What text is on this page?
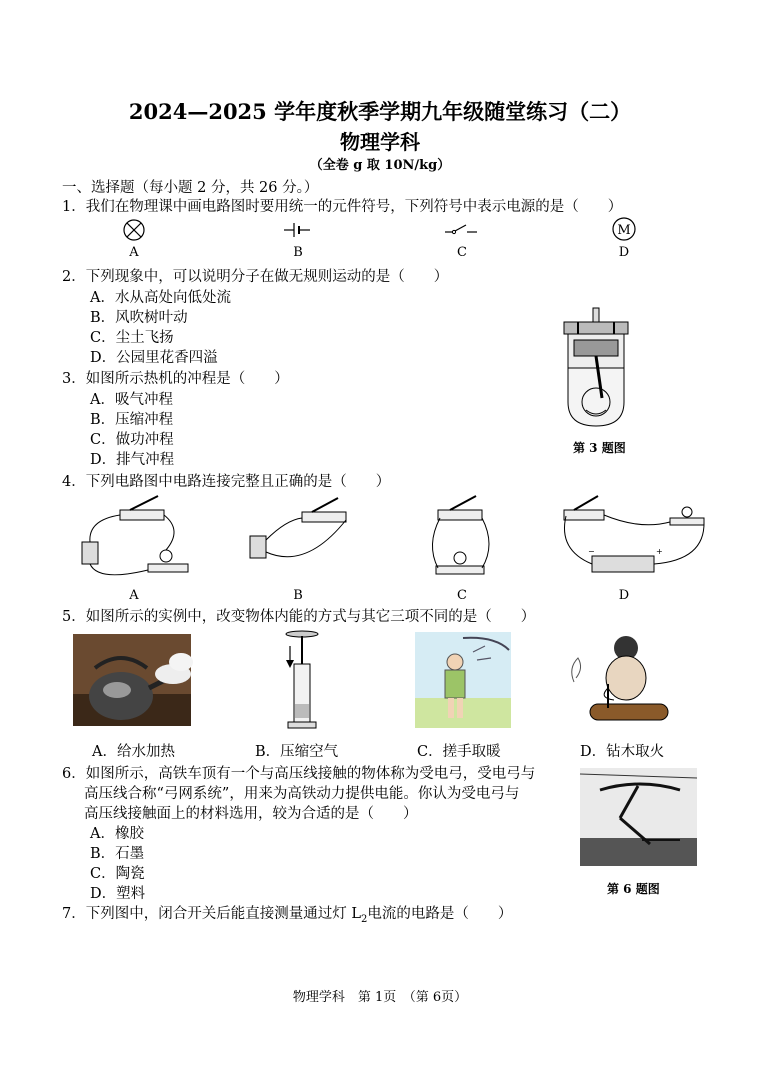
2024—2025 学年度秋季学期九年级随堂练习（二）
物理学科
（全卷 g 取 10N/kg）
一、选择题（每小题 2 分，共 26 分。）
1．我们在物理课中画电路图时要用统一的元件符号，下列符号中表示电源的是（　　）
M
A	B	C	D
2．下列现象中，可以说明分子在做无规则运动的是（　　）
A．水从高处向低处流
B．风吹树叶动
C．尘土飞扬
D．公园里花香四溢
3．如图所示热机的冲程是（　　）
A．吸气冲程
B．压缩冲程
C．做功冲程
D．排气冲程
第 3 题图
4．下列电路图中电路连接完整且正确的是（　　）
−	+
A	B	C	D
5．如图所示的实例中，改变物体内能的方式与其它三项不同的是（　　）
A．给水加热	B．压缩空气	C．搓手取暖	D．钻木取火
6．如图所示，高铁车顶有一个与高压线接触的物体称为受电弓，受电弓与
高压线合称“弓网系统”，用来为高铁动力提供电能。你认为受电弓与
高压线接触面上的材料选用，较为合适的是（　　）
A．橡胶
B．石墨
C．陶瓷
D．塑料	第 6 题图
7．下列图中，闭合开关后能直接测量通过灯 $L_2$电流的电路是（　　）
物理学科　第 1页　（第 6页）
